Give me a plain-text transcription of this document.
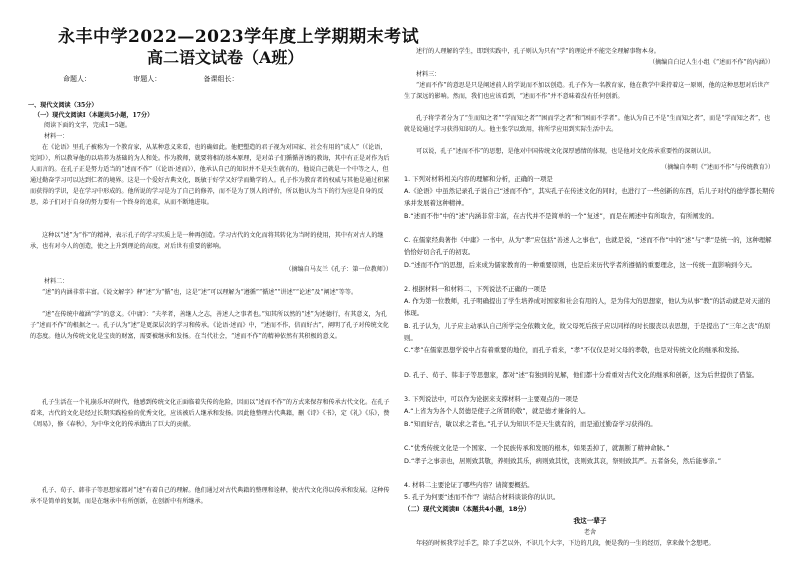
永丰中学2022—2023学年度上学期期末考试
高二语文试卷（A班）
命题人：	审题人：	备课组长：
一、现代文阅读（35分）
（一）现代文阅读Ⅰ（本题共5小题，17分）
阅读下面的文字，完成1～5题。
材料一：
在《论语》里孔子被称为一个教育家，从某种意义来看，也的确如此。他把塑造的君子视为对国家、社会有用的“成人”（《论语，宪问》），所以教导他的以培养为基础的为人和处。作为教师，就要将相的基本原理，是对弟子们循循善诱的教诲，其中有正是对作为后人而言的。在孔子正是努力适当的“述而不作”（《论语·述而》），他承认自己的知识并不是天生就有的，他说自己就是一个中等之人，但通过勤奋学习可以达到仁者的境界。这是一个爱好古典文化，既敏于好学又好学而勤学的人。孔子作为教育者的权威与其他是通过积累而获得的学识，是在学习中形成的。他所说的学习是为了自己的修养，而不是为了别人的评价，所以他认为当下的行为应是自身的反思，弟子们对于自身的努力要有一个终身的追求，从而不断地进取。
这种以“述”为“作”的精神，表示孔子的学习实质上是一种再创造。学习古代的文化而将其转化为当时的使用，其中有对古人的继承，也有对今人的创造，使之上升到理论的高度，对后世有重要的影响。
（摘编自马友兰《孔子：第一位教师》）
材料二：
“述”的内涵非常丰富。《说文解字》释“述”为“循”也，这是“述”可以理解为“遵循”“循述”“讲述”“论述”及“阐述”等等。
“述”在传统中蕴涵“学”的意义。《中庸》：“夫孝者，善继人之志，善述人之事者也。”知其所以然的“述”为述德行，有其意义，为孔子“述而不作”的根据之一。孔子认为“述”是更深层次的学习和传承。《论语·述而》中，“述而不作，信而好古”，阐明了孔子对传统文化的态度。他认为传统文化是宝贵的财富，需要被继承和发扬。在当代社会，“述而不作”的精神依然有其积极的意义。
孔子生活在一个礼崩乐坏的时代，他感到传统文化正面临着失传的危险，因而以“述而不作”的方式来保存和传承古代文化。在孔子看来，古代的文化是经过长期实践检验的优秀文化，应该被后人继承和发扬。因此他整理古代典籍，删《诗》《书》，定《礼》《乐》，赞《周易》，修《春秋》，为中华文化的传承做出了巨大的贡献。
孔子、荀子、韩非子等思想家都对“述”有着自己的理解。他们通过对古代典籍的整理和诠释，使古代文化得以传承和发展。这种传承不是简单的复制，而是在继承中有所创新，在创新中有所继承。
述行的人理解的学生，即到实践中，孔子则认为只有“学”的理论并不能完全理解事物本身。
（摘编自白记人生小组《“述而不作”的内涵》）
材料三：
“述而不作”的意思是只是阐述前人的学说而不加以创造。孔子作为一名教育家，他在教学中秉持着这一原则，他的这种思想对后世产生了深远的影响。然而，我们也应该看到，“述而不作”并不意味着没有任何创新。
孔子将学者分为了“生而知之者”“学而知之者”“困而学之者”和“困而不学者”。他认为自己不是“生而知之者”，而是“学而知之者”，也就是说通过学习获得知识的人。他主张学以致用，将所学应用到实际生活中去。
可以说，孔子“述而不作”的思想，是他对中国传统文化深厚感情的体现，也是他对文化传承重要性的深刻认识。
（摘编自李明《“述而不作”与传统教育》）
1. 下列对材料相关内容的理解和分析，正确的一项是
A.《论语》中虽然记录孔子说自己“述而不作”，其实孔子在传述文化的同时，也进行了一些创新的东西，后儿子对代的德学都长期传承并发展着这种精神。
B.“述而不作”中的“述”内涵非常丰富，在古代并不是简单的一个“复述”，而是在阐述中有所取舍，有所阐发的。
C. 在儒家经典著作《中庸》一书中，从为“孝”应包括“善述人之事也”，也就是说，“述而不作”中的“述”与“孝”是统一的，这种理解恰恰好切合孔子的初衷。
D.“述而不作”的思想，后来成为儒家教育的一种重要原则，也是后来历代学者所遵循的重要理念，这一传统一直影响到今天。
2. 根据材料一和材料二，下列说法不正确的一项是
A. 作为第一位教师，孔子明确提出了学生培养成对国家和社会有用的人，是为伟大的思想家，他认为从事“教”的活动就是对天道的体现。
B. 孔子认为，儿子应主动承认自己所学完全依赖文化，故父母死后孩子应以同样的时长服丧以表思想，于是提出了“三年之丧”的原则。
C.“孝”在儒家思想学说中占有着重要的地位，而孔子看来，“孝”不仅仅是对父母的孝敬，也是对传统文化的继承和发扬。
D. 孔子、荀子、韩非子等思想家，都对“述”有独到的见解，他们都十分看重对古代文化的继承和创新，这为后世提供了借鉴。
3. 下列说法中，可以作为论据来支撑材料一主要观点的一项是
A.“上省为为各个人贤德是使子之所谓的敬”，就是德才兼备的人。
B.“知而好古，敏以求之者也。”孔子认为知识不是天生就有的，而是通过勤奋学习获得的。
C.“优秀传统文化是一个国家、一个民族传承和发展的根本，如果丢掉了，就割断了精神命脉。”
D.“孝子之事亲也，居则致其敬，养则致其乐，病则致其忧，丧则致其哀，祭则致其严。五者备矣，然后能事亲。”
4. 材料二主要论证了哪些内容？请简要概括。
5. 孔子为何要“述而不作”？请结合材料谈谈你的认识。
（二）现代文阅读Ⅱ（本题共4小题，18分）
我这一辈子
老舍
年轻的时候我学过手艺，除了手艺以外，不识几个大字，下边的几段，便是我的一生的经历，拿来做个念想吧。
